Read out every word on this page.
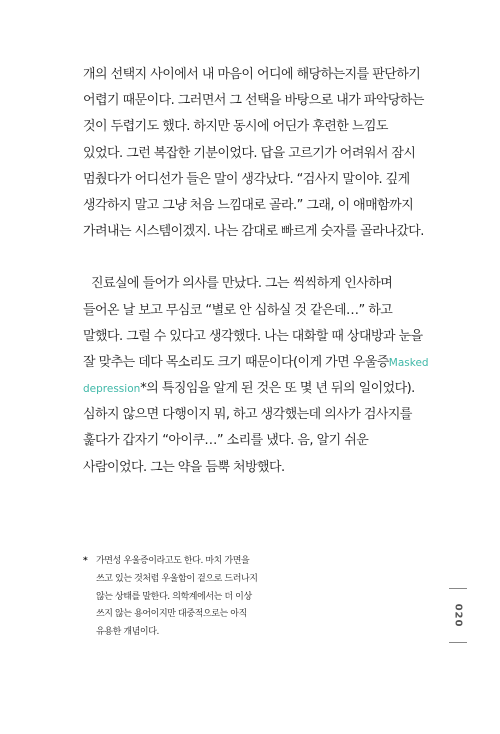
개의 선택지 사이에서 내 마음이 어디에 해당하는지를 판단하기
어렵기 때문이다. 그러면서 그 선택을 바탕으로 내가 파악당하는
것이 두렵기도 했다. 하지만 동시에 어딘가 후련한 느낌도
있었다. 그런 복잡한 기분이었다. 답을 고르기가 어려워서 잠시
멈췄다가 어디선가 들은 말이 생각났다. “검사지 말이야. 깊게
생각하지 말고 그냥 처음 느낌대로 골라.” 그래, 이 애매함까지
가려내는 시스템이겠지. 나는 감대로 빠르게 숫자를 골라나갔다.
진료실에 들어가 의사를 만났다. 그는 씩씩하게 인사하며
들어온 날 보고 무심코 “별로 안 심하실 것 같은데…” 하고
말했다. 그럴 수 있다고 생각했다. 나는 대화할 때 상대방과 눈을
잘 맞추는 데다 목소리도 크기 때문이다(이게 가면 우울증Masked
depression*의 특징임을 알게 된 것은 또 몇 년 뒤의 일이었다).
심하지 않으면 다행이지 뭐, 하고 생각했는데 의사가 검사지를
훑다가 갑자기 “아이쿠…” 소리를 냈다. 음, 알기 쉬운
사람이었다. 그는 약을 듬뿍 처방했다.
* 가면성 우울증이라고도 한다. 마치 가면을
쓰고 있는 것처럼 우울함이 겉으로 드러나지
않는 상태를 말한다. 의학계에서는 더 이상
쓰지 않는 용어이지만 대중적으로는 아직
유용한 개념이다.
020
